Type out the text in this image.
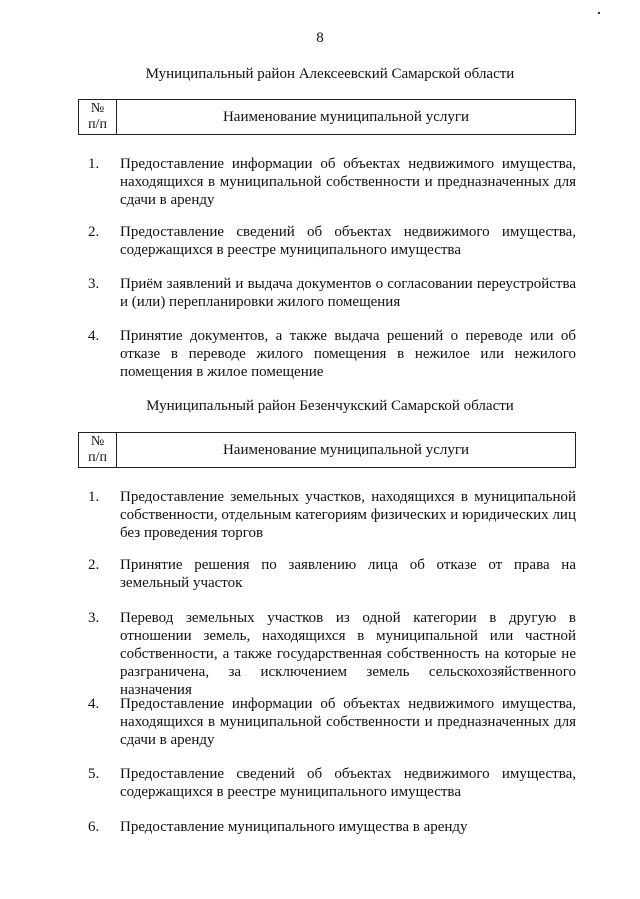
8
Муниципальный район Алексеевский Самарской области
№
п/п	Наименование муниципальной услуги
1.	Предоставление информации об объектах недвижимого имущества, находящихся в муниципальной собственности и предназначенных для сдачи в аренду
2.	Предоставление сведений об объектах недвижимого имущества, содержащихся в реестре муниципального имущества
3.	Приём заявлений и выдача документов о согласовании переустройства и (или) перепланировки жилого помещения
4.	Принятие документов, а также выдача решений о переводе или об отказе в переводе жилого помещения в нежилое или нежилого помещения в жилое помещение
Муниципальный район Безенчукский Самарской области
№
п/п	Наименование муниципальной услуги
1.	Предоставление земельных участков, находящихся в муниципальной собственности, отдельным категориям физических и юридических лиц без проведения торгов
2.	Принятие решения по заявлению лица об отказе от права на земельный участок
3.	Перевод земельных участков из одной категории в другую в отношении земель, находящихся в муниципальной или частной собственности, а также государственная собственность на которые не разграничена, за исключением земель сельскохозяйственного назначения
4.	Предоставление информации об объектах недвижимого имущества, находящихся в муниципальной собственности и предназначенных для сдачи в аренду
5.	Предоставление сведений об объектах недвижимого имущества, содержащихся в реестре муниципального имущества
6.	Предоставление муниципального имущества в аренду
